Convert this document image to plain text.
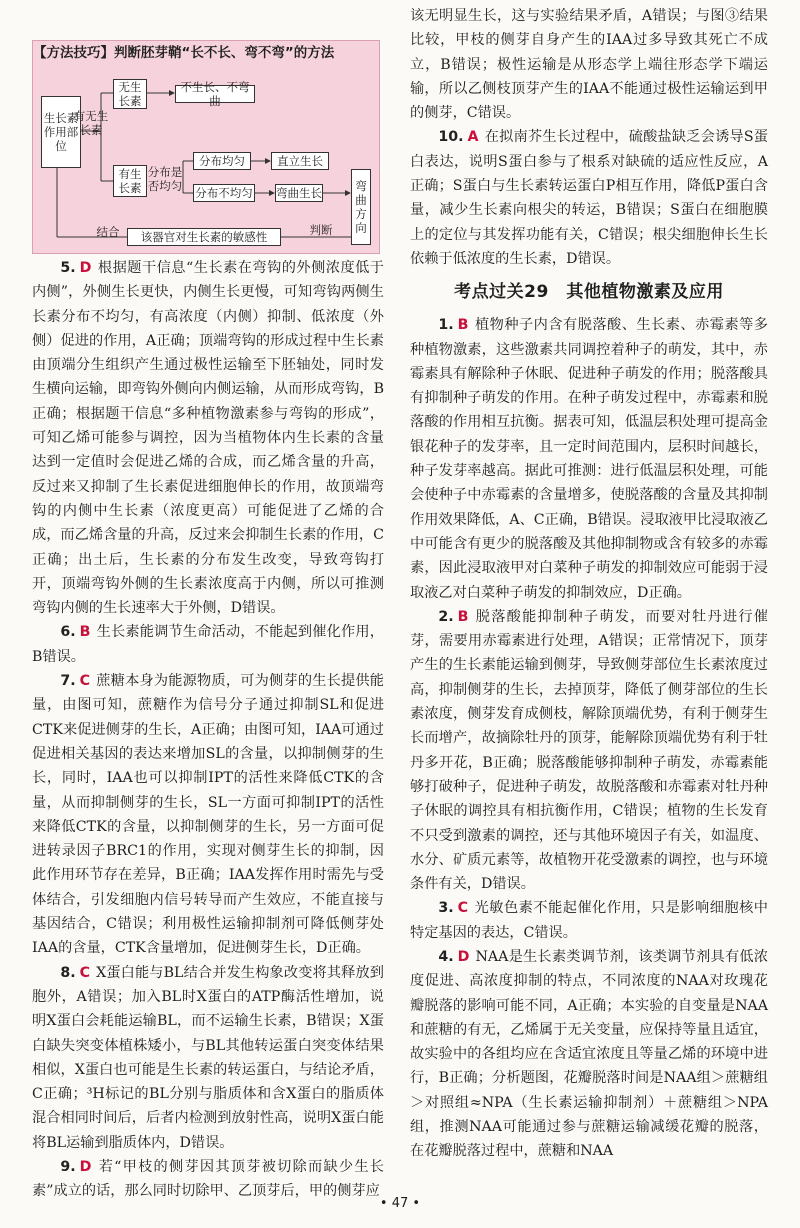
【方法技巧】判断胚芽鞘“长不长、弯不弯”的方法
生长素作用部位
有无生长素
无生长素
不生长、不弯曲
有生长素
分布是否均匀
分布均匀	直立生长
分布不均匀 弯曲生长	弯曲方向
结合	该器官对生长素的敏感性	判断

5. D 根据题干信息“生长素在弯钩的外侧浓度低于内侧”，外侧生长更快，内侧生长更慢，可知弯钩两侧生长素分布不均匀，有高浓度（内侧）抑制、低浓度（外侧）促进的作用，A正确；顶端弯钩的形成过程中生长素由顶端分生组织产生通过极性运输至下胚轴处，同时发生横向运输，即弯钩外侧向内侧运输，从而形成弯钩，B正确；根据题干信息“多种植物激素参与弯钩的形成”，可知乙烯可能参与调控，因为当植物体内生长素的含量达到一定值时会促进乙烯的合成，而乙烯含量的升高，反过来又抑制了生长素促进细胞伸长的作用，故顶端弯钩的内侧中生长素（浓度更高）可能促进了乙烯的合成，而乙烯含量的升高，反过来会抑制生长素的作用，C正确；出土后，生长素的分布发生改变，导致弯钩打开，顶端弯钩外侧的生长素浓度高于内侧，所以可推测弯钩内侧的生长速率大于外侧，D错误。

6. B 生长素能调节生命活动，不能起到催化作用，B错误。

7. C 蔗糖本身为能源物质，可为侧芽的生长提供能量，由图可知，蔗糖作为信号分子通过抑制SL和促进CTK来促进侧芽的生长，A正确；由图可知，IAA可通过促进相关基因的表达来增加SL的含量，以抑制侧芽的生长，同时，IAA也可以抑制IPT的活性来降低CTK的含量，从而抑制侧芽的生长，SL一方面可抑制IPT的活性来降低CTK的含量，以抑制侧芽的生长，另一方面可促进转录因子BRC1的作用，实现对侧芽生长的抑制，因此作用环节存在差异，B正确；IAA发挥作用时需先与受体结合，引发细胞内信号转导而产生效应，不能直接与基因结合，C错误；利用极性运输抑制剂可降低侧芽处IAA的含量，CTK含量增加，促进侧芽生长，D正确。

8. C X蛋白能与BL结合并发生构象改变将其释放到胞外，A错误；加入BL时X蛋白的ATP酶活性增加，说明X蛋白会耗能运输BL，而不运输生长素，B错误；X蛋白缺失突变体植株矮小，与BL其他转运蛋白突变体结果相似，X蛋白也可能是生长素的转运蛋白，与结论矛盾，C正确；³H标记的BL分别与脂质体和含X蛋白的脂质体混合相同时间后，后者内检测到放射性高，说明X蛋白能将BL运输到脂质体内，D错误。

9. D 若“甲枝的侧芽因其顶芽被切除而缺少生长素”成立的话，那么同时切除甲、乙顶芽后，甲的侧芽应

该无明显生长，这与实验结果矛盾，A错误；与图③结果比较，甲枝的侧芽自身产生的IAA过多导致其死亡不成立，B错误；极性运输是从形态学上端往形态学下端运输，所以乙侧枝顶芽产生的IAA不能通过极性运输运到甲的侧芽，C错误。

10. A 在拟南芥生长过程中，硫酸盐缺乏会诱导S蛋白表达，说明S蛋白参与了根系对缺硫的适应性反应，A正确；S蛋白与生长素转运蛋白P相互作用，降低P蛋白含量，减少生长素向根尖的转运，B错误；S蛋白在细胞膜上的定位与其发挥功能有关，C错误；根尖细胞伸长生长依赖于低浓度的生长素，D错误。

考点过关29　其他植物激素及应用

1. B 植物种子内含有脱落酸、生长素、赤霉素等多种植物激素，这些激素共同调控着种子的萌发，其中，赤霉素具有解除种子休眠、促进种子萌发的作用；脱落酸具有抑制种子萌发的作用。在种子萌发过程中，赤霉素和脱落酸的作用相互抗衡。据表可知，低温层积处理可提高金银花种子的发芽率，且一定时间范围内，层积时间越长，种子发芽率越高。据此可推测：进行低温层积处理，可能会使种子中赤霉素的含量增多，使脱落酸的含量及其抑制作用效果降低，A、C正确，B错误。浸取液甲比浸取液乙中可能含有更少的脱落酸及其他抑制物或含有较多的赤霉素，因此浸取液甲对白菜种子萌发的抑制效应可能弱于浸取液乙对白菜种子萌发的抑制效应，D正确。

2. B 脱落酸能抑制种子萌发，而要对牡丹进行催芽，需要用赤霉素进行处理，A错误；正常情况下，顶芽产生的生长素能运输到侧芽，导致侧芽部位生长素浓度过高，抑制侧芽的生长，去掉顶芽，降低了侧芽部位的生长素浓度，侧芽发育成侧枝，解除顶端优势，有利于侧芽生长而增产，故摘除牡丹的顶芽，能解除顶端优势有利于牡丹多开花，B正确；脱落酸能够抑制种子萌发，赤霉素能够打破种子，促进种子萌发，故脱落酸和赤霉素对牡丹种子休眠的调控具有相抗衡作用，C错误；植物的生长发育不只受到激素的调控，还与其他环境因子有关，如温度、水分、矿质元素等，故植物开花受激素的调控，也与环境条件有关，D错误。

3. C 光敏色素不能起催化作用，只是影响细胞核中特定基因的表达，C错误。

4. D NAA是生长素类调节剂，该类调节剂具有低浓度促进、高浓度抑制的特点，不同浓度的NAA对玫瑰花瓣脱落的影响可能不同，A正确；本实验的自变量是NAA和蔗糖的有无，乙烯属于无关变量，应保持等量且适宜，故实验中的各组均应在含适宜浓度且等量乙烯的环境中进行，B正确；分析题图，花瓣脱落时间是NAA组＞蔗糖组＞对照组≈NPA（生长素运输抑制剂）＋蔗糖组＞NPA组，推测NAA可能通过参与蔗糖运输减缓花瓣的脱落，在花瓣脱落过程中，蔗糖和NAA

• 47 •
